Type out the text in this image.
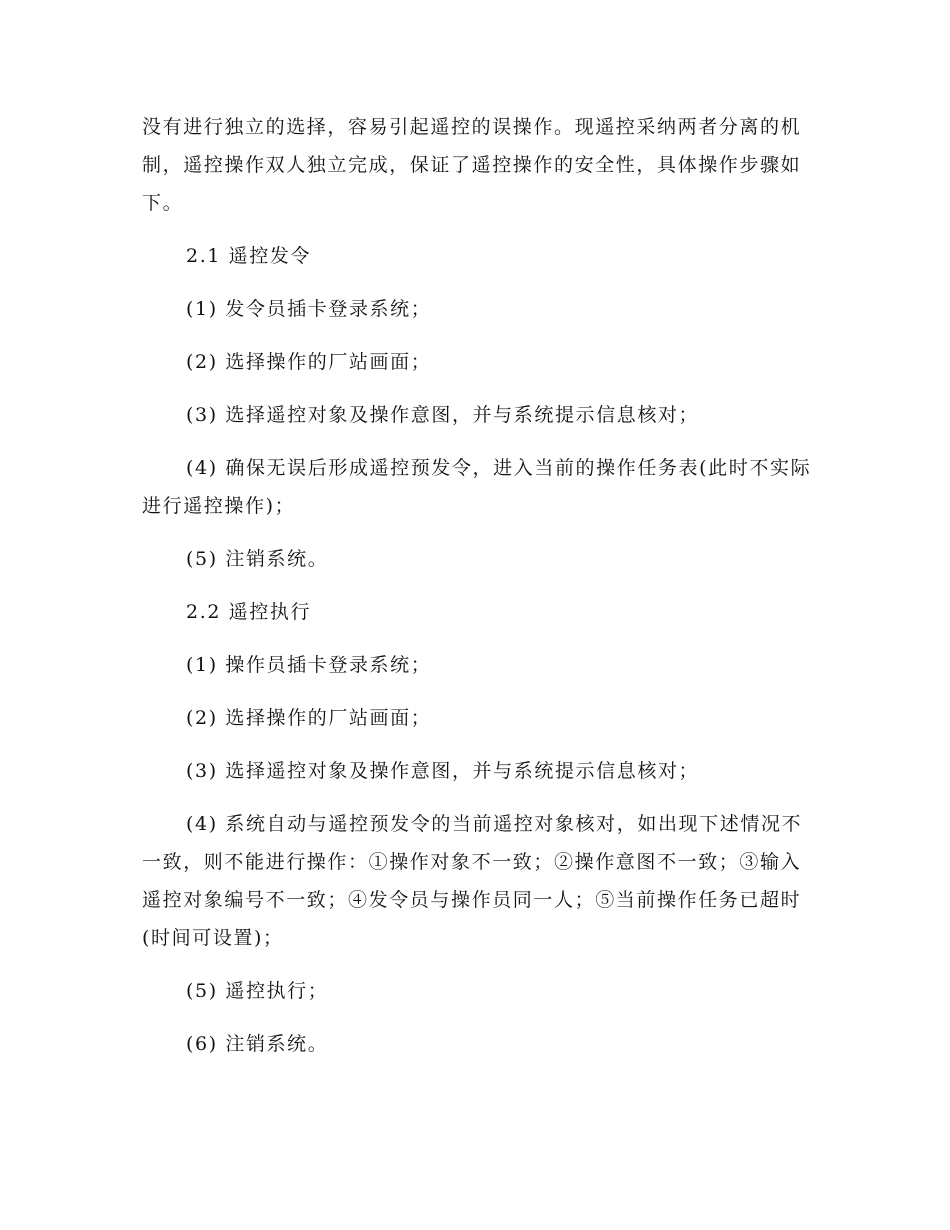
没有进行独立的选择，容易引起遥控的误操作。现遥控采纳两者分离的机制，遥控操作双人独立完成，保证了遥控操作的安全性，具体操作步骤如下。

2.1 遥控发令

(1) 发令员插卡登录系统；

(2) 选择操作的厂站画面；

(3) 选择遥控对象及操作意图，并与系统提示信息核对；

(4) 确保无误后形成遥控预发令，进入当前的操作任务表(此时不实际进行遥控操作)；

(5) 注销系统。

2.2 遥控执行

(1) 操作员插卡登录系统；

(2) 选择操作的厂站画面；

(3) 选择遥控对象及操作意图，并与系统提示信息核对；

(4) 系统自动与遥控预发令的当前遥控对象核对，如出现下述情况不一致，则不能进行操作：①操作对象不一致；②操作意图不一致；③输入遥控对象编号不一致；④发令员与操作员同一人；⑤当前操作任务已超时(时间可设置)；

(5) 遥控执行；

(6) 注销系统。
